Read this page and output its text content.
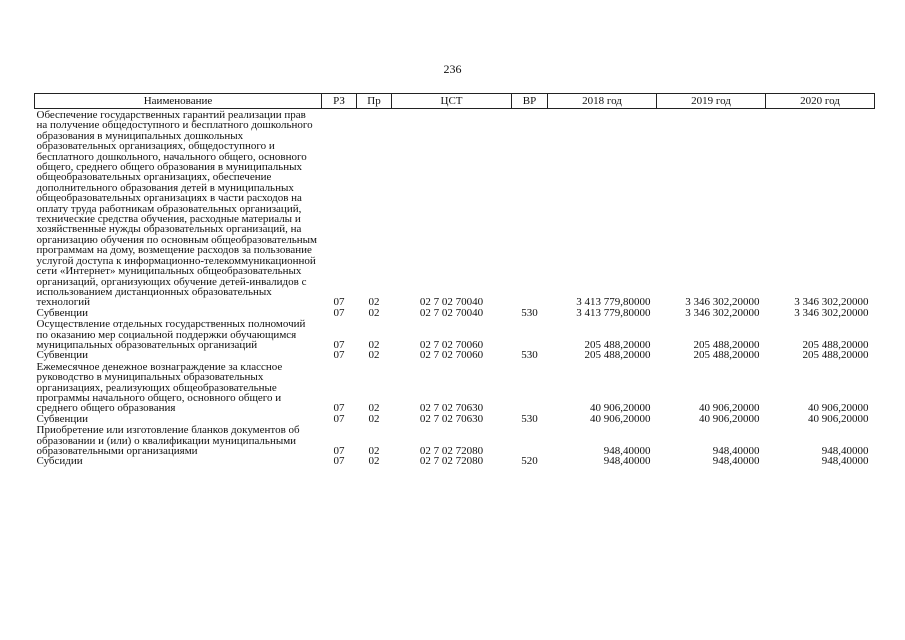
236
Наименование	РЗ	Пр	ЦСТ	ВР	2018 год	2019 год	2020 год
Обеспечение государственных гарантий реализации прав на получение общедоступного и бесплатного дошкольного образования в муниципальных дошкольных образовательных организациях, общедоступного и бесплатного дошкольного, начального общего, основного общего, среднего общего образования в муниципальных общеобразовательных организациях, обеспечение дополнительного образования детей в муниципальных общеобразовательных организациях в части расходов на оплату труда работникам образовательных организаций, технические средства обучения, расходные материалы и хозяйственные нужды образовательных организаций, на организацию обучения по основным общеобразовательным программам на дому, возмещение расходов за пользование услугой доступа к информационно-телекоммуникационной сети «Интернет» муниципальных общеобразовательных организаций, организующих обучение детей-инвалидов с использованием дистанционных образовательных технологий	07	02	02 7 02 70040		3 413 779,80000	3 346 302,20000	3 346 302,20000
Субвенции	07	02	02 7 02 70040	530	3 413 779,80000	3 346 302,20000	3 346 302,20000
Осуществление отдельных государственных полномочий по оказанию мер социальной поддержки обучающимся муниципальных образовательных организаций	07	02	02 7 02 70060		205 488,20000	205 488,20000	205 488,20000
Субвенции	07	02	02 7 02 70060	530	205 488,20000	205 488,20000	205 488,20000
Ежемесячное денежное вознаграждение за классное руководство в муниципальных образовательных организациях, реализующих общеобразовательные программы начального общего, основного общего и среднего общего образования	07	02	02 7 02 70630		40 906,20000	40 906,20000	40 906,20000
Субвенции	07	02	02 7 02 70630	530	40 906,20000	40 906,20000	40 906,20000
Приобретение или изготовление бланков документов об образовании и (или) о квалификации муниципальными образовательными организациями	07	02	02 7 02 72080		948,40000	948,40000	948,40000
Субсидии	07	02	02 7 02 72080	520	948,40000	948,40000	948,40000
